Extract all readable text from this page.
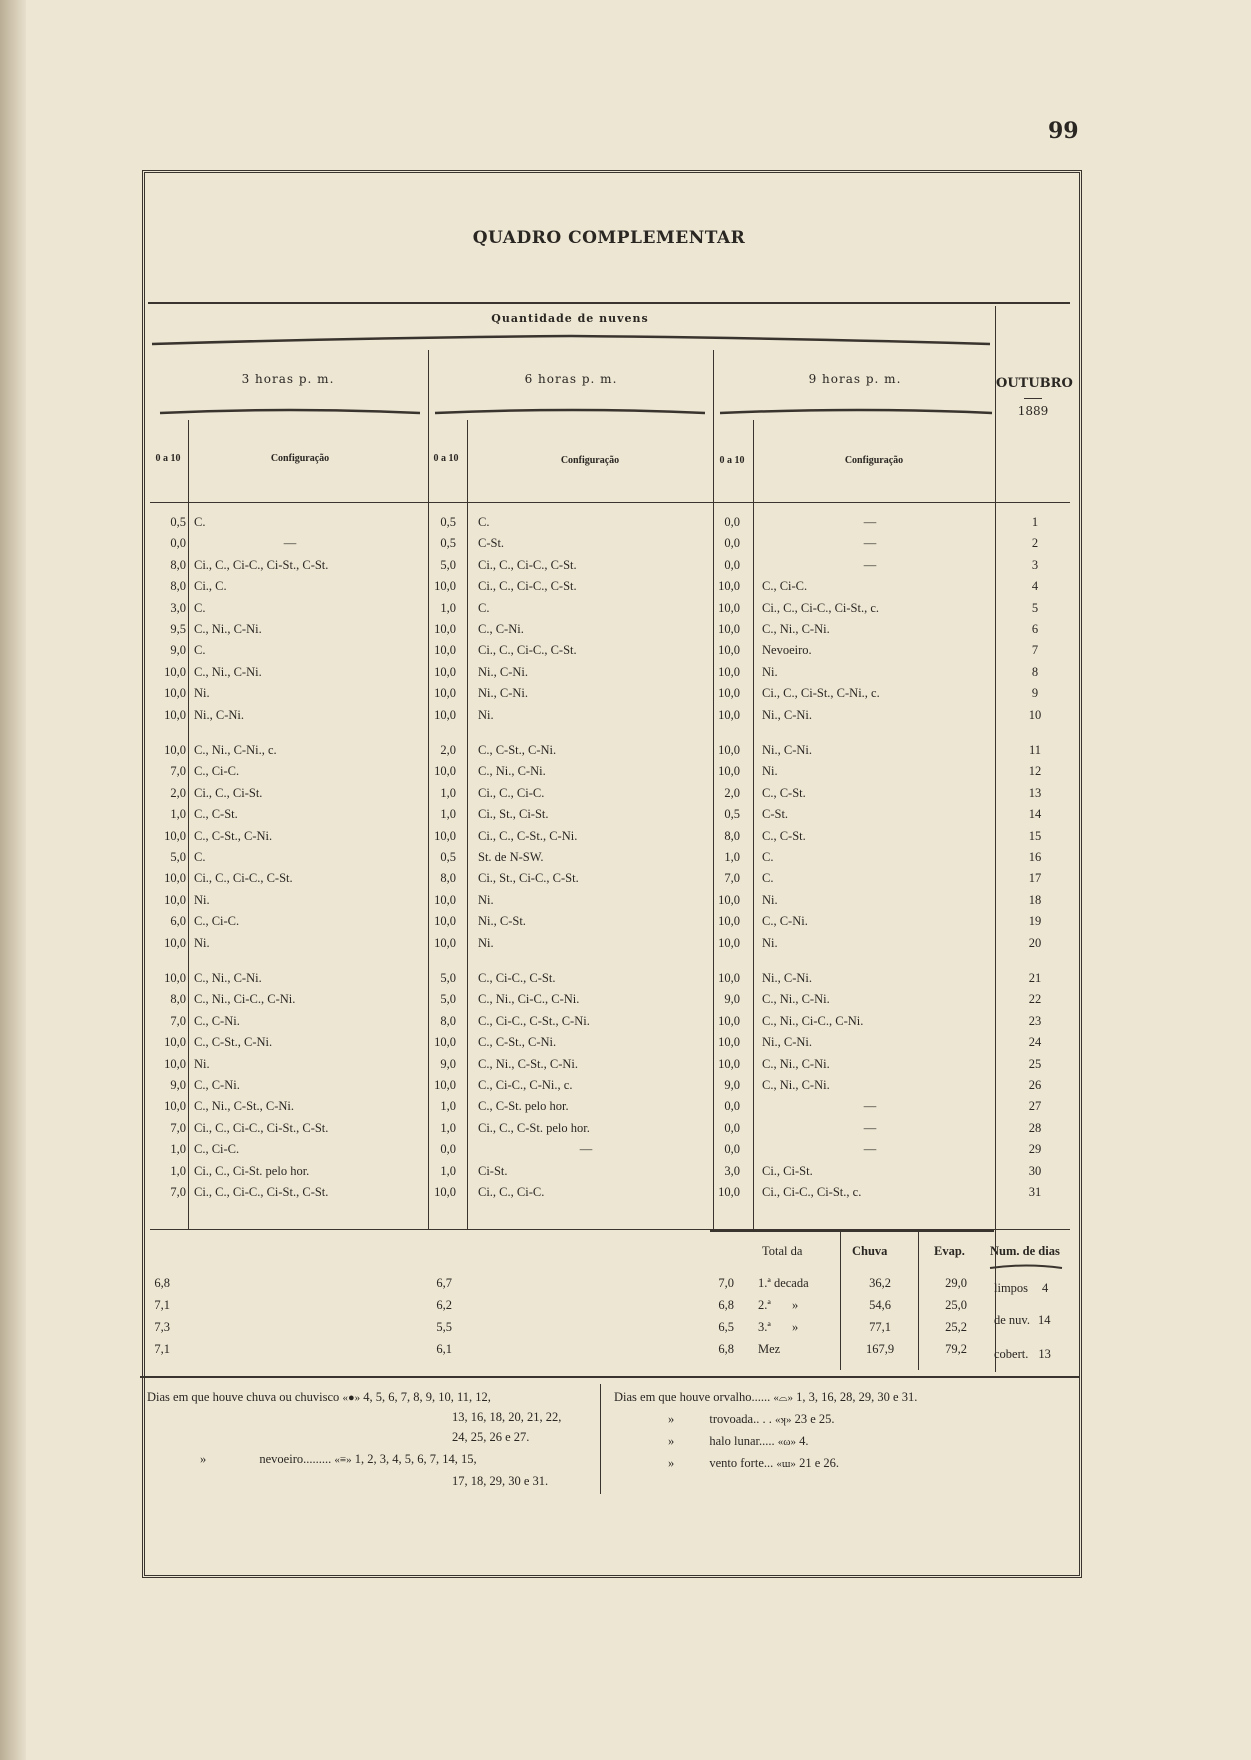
99
QUADRO COMPLEMENTAR
Quantidade de nuvens
3 horas p. m.	6 horas p. m.	9 horas p. m.	OUTUBRO
1889
0 a 10	Configuração	0 a 10	Configuração	0 a 10	Configuração
0,5 C.	0,5 C.	0,0	—	1
0,0	—	0,5 C-St.	0,0	—	2
8,0 Ci., C., Ci-C., Ci-St., C-St.	5,0 Ci., C., Ci-C., C-St.	0,0	—	3
8,0 Ci., C.	10,0 Ci., C., Ci-C., C-St.	10,0 C., Ci-C.	4
3,0 C.	1,0 C.	10,0 Ci., C., Ci-C., Ci-St., c.	5
9,5 C., Ni., C-Ni.	10,0 C., C-Ni.	10,0 C., Ni., C-Ni.	6
9,0 C.	10,0 Ci., C., Ci-C., C-St.	10,0 Nevoeiro.	7
10,0 C., Ni., C-Ni.	10,0 Ni., C-Ni.	10,0 Ni.	8
10,0 Ni.	10,0 Ni., C-Ni.	10,0 Ci., C., Ci-St., C-Ni., c.	9
10,0 Ni., C-Ni.	10,0 Ni.	10,0 Ni., C-Ni.	10
10,0 C., Ni., C-Ni., c.	2,0 C., C-St., C-Ni.	10,0 Ni., C-Ni.	11
7,0 C., Ci-C.	10,0 C., Ni., C-Ni.	10,0 Ni.	12
2,0 Ci., C., Ci-St.	1,0 Ci., C., Ci-C.	2,0 C., C-St.	13
1,0 C., C-St.	1,0 Ci., St., Ci-St.	0,5 C-St.	14
10,0 C., C-St., C-Ni.	10,0 Ci., C., C-St., C-Ni.	8,0 C., C-St.	15
5,0 C.	0,5 St. de N-SW.	1,0 C.	16
10,0 Ci., C., Ci-C., C-St.	8,0 Ci., St., Ci-C., C-St.	7,0 C.	17
10,0 Ni.	10,0 Ni.	10,0 Ni.	18
6,0 C., Ci-C.	10,0 Ni., C-St.	10,0 C., C-Ni.	19
10,0 Ni.	10,0 Ni.	10,0 Ni.	20
10,0 C., Ni., C-Ni.	5,0 C., Ci-C., C-St.	10,0 Ni., C-Ni.	21
8,0 C., Ni., Ci-C., C-Ni.	5,0 C., Ni., Ci-C., C-Ni.	9,0 C., Ni., C-Ni.	22
7,0 C., C-Ni.	8,0 C., Ci-C., C-St., C-Ni.	10,0 C., Ni., Ci-C., C-Ni.	23
10,0 C., C-St., C-Ni.	10,0 C., C-St., C-Ni.	10,0 Ni., C-Ni.	24
10,0 Ni.	9,0 C., Ni., C-St., C-Ni.	10,0 C., Ni., C-Ni.	25
9,0 C., C-Ni.	10,0 C., Ci-C., C-Ni., c.	9,0 C., Ni., C-Ni.	26
10,0 C., Ni., C-St., C-Ni.	1,0 C., C-St. pelo hor.	0,0	—	27
7,0 Ci., C., Ci-C., Ci-St., C-St.	1,0 Ci., C., C-St. pelo hor.	0,0	—	28
1,0 C., Ci-C.	0,0	—	0,0	—	29
1,0 Ci., C., Ci-St. pelo hor.	1,0 Ci-St.	3,0 Ci., Ci-St.	30
7,0 Ci., C., Ci-C., Ci-St., C-St.	10,0 Ci., C., Ci-C.	10,0 Ci., Ci-C., Ci-St., c.	31
Total da	Chuva	Evap. Num. de dias
6,8	6,7	7,0 1.ª decada	36,2	29,0
7,1	6,2	6,8 2.ª	54,6	25,0
»
7,3	5,5	6,5 3.ª	77,1	25,2
»
7,1	6,1	6,8 Mez	167,9	79,2
limpos 4
de nuv. 14
cobert. 13
Dias em que houve chuva ou chuvisco «●» 4, 5, 6, 7, 8, 9, 10, 11, 12,
13, 16, 18, 20, 21, 22,
24, 25, 26 e 27.
»	nevoeiro......... «≡» 1, 2, 3, 4, 5, 6, 7, 14, 15,
17, 18, 29, 30 e 31.
Dias em que houve orvalho...... «⌓» 1, 3, 16, 28, 29, 30 e 31.
»	trovoada.. . . «ʞ» 23 e 25.
»	halo lunar..... «ω» 4.
»	vento forte... «ɯ» 21 e 26.
